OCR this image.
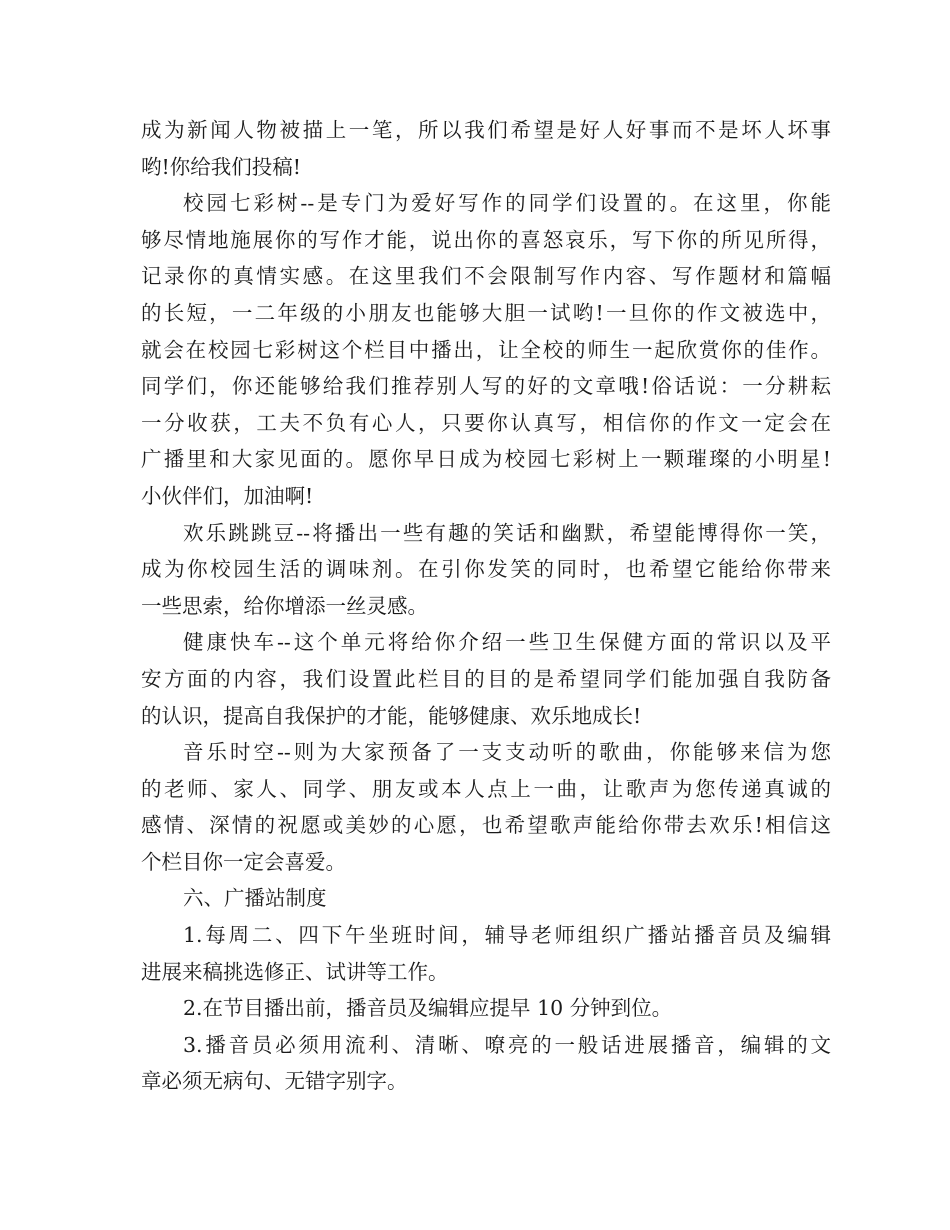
成为新闻人物被描上一笔，所以我们希望是好人好事而不是坏人坏事
哟!你给我们投稿!
校园七彩树--是专门为爱好写作的同学们设置的。在这里，你能
够尽情地施展你的写作才能，说出你的喜怒哀乐，写下你的所见所得，
记录你的真情实感。在这里我们不会限制写作内容、写作题材和篇幅
的长短，一二年级的小朋友也能够大胆一试哟!一旦你的作文被选中，
就会在校园七彩树这个栏目中播出，让全校的师生一起欣赏你的佳作。
同学们，你还能够给我们推荐别人写的好的文章哦!俗话说：一分耕耘
一分收获，工夫不负有心人，只要你认真写，相信你的作文一定会在
广播里和大家见面的。愿你早日成为校园七彩树上一颗璀璨的小明星!
小伙伴们，加油啊!
欢乐跳跳豆--将播出一些有趣的笑话和幽默，希望能博得你一笑，
成为你校园生活的调味剂。在引你发笑的同时，也希望它能给你带来
一些思索，给你增添一丝灵感。
健康快车--这个单元将给你介绍一些卫生保健方面的常识以及平
安方面的内容，我们设置此栏目的目的是希望同学们能加强自我防备
的认识，提高自我保护的才能，能够健康、欢乐地成长!
音乐时空--则为大家预备了一支支动听的歌曲，你能够来信为您
的老师、家人、同学、朋友或本人点上一曲，让歌声为您传递真诚的
感情、深情的祝愿或美妙的心愿，也希望歌声能给你带去欢乐!相信这
个栏目你一定会喜爱。
六、广播站制度
1.每周二、四下午坐班时间，辅导老师组织广播站播音员及编辑
进展来稿挑选修正、试讲等工作。
2.在节目播出前，播音员及编辑应提早 10 分钟到位。
3.播音员必须用流利、清晰、嘹亮的一般话进展播音，编辑的文
章必须无病句、无错字别字。
